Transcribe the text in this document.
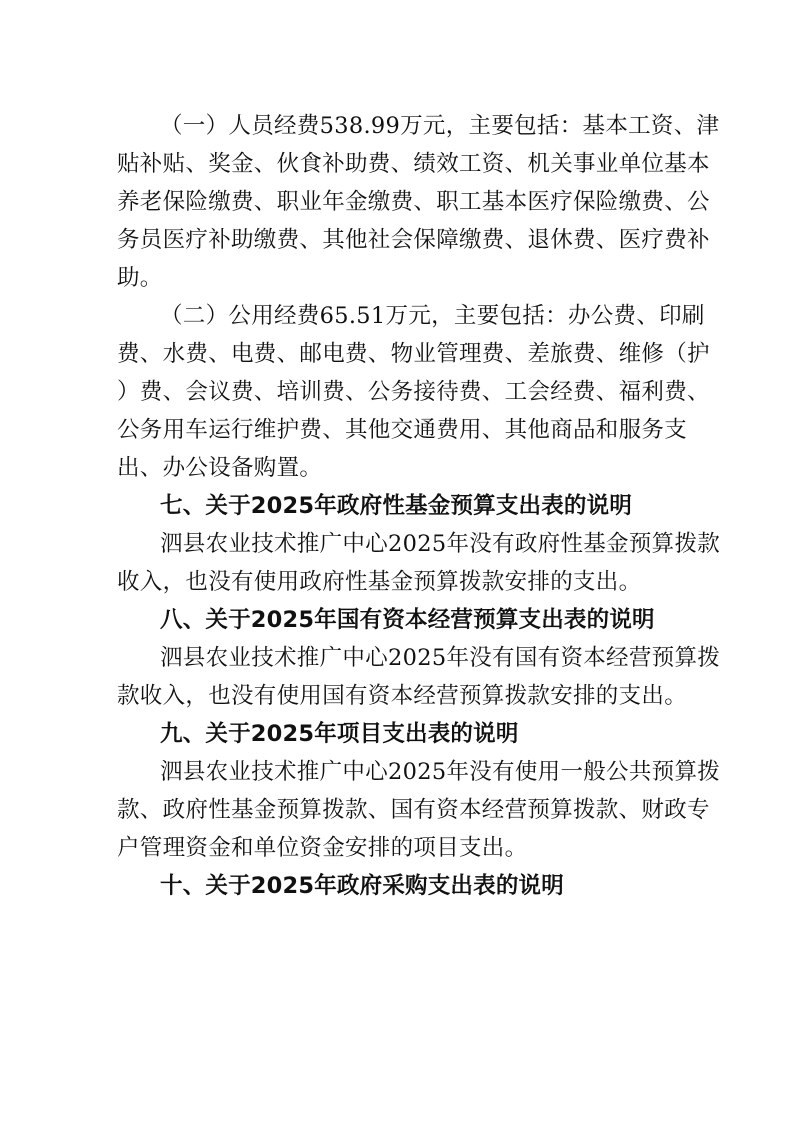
（一）人员经费538.99万元，主要包括：基本工资、津
贴补贴、奖金、伙食补助费、绩效工资、机关事业单位基本
养老保险缴费、职业年金缴费、职工基本医疗保险缴费、公
务员医疗补助缴费、其他社会保障缴费、退休费、医疗费补
助。
（二）公用经费65.51万元，主要包括：办公费、印刷
费、水费、电费、邮电费、物业管理费、差旅费、维修（护
）费、会议费、培训费、公务接待费、工会经费、福利费、
公务用车运行维护费、其他交通费用、其他商品和服务支
出、办公设备购置。
七、关于2025年政府性基金预算支出表的说明
泗县农业技术推广中心2025年没有政府性基金预算拨款
收入，也没有使用政府性基金预算拨款安排的支出。
八、关于2025年国有资本经营预算支出表的说明
泗县农业技术推广中心2025年没有国有资本经营预算拨
款收入，也没有使用国有资本经营预算拨款安排的支出。
九、关于2025年项目支出表的说明
泗县农业技术推广中心2025年没有使用一般公共预算拨
款、政府性基金预算拨款、国有资本经营预算拨款、财政专
户管理资金和单位资金安排的项目支出。
十、关于2025年政府采购支出表的说明
